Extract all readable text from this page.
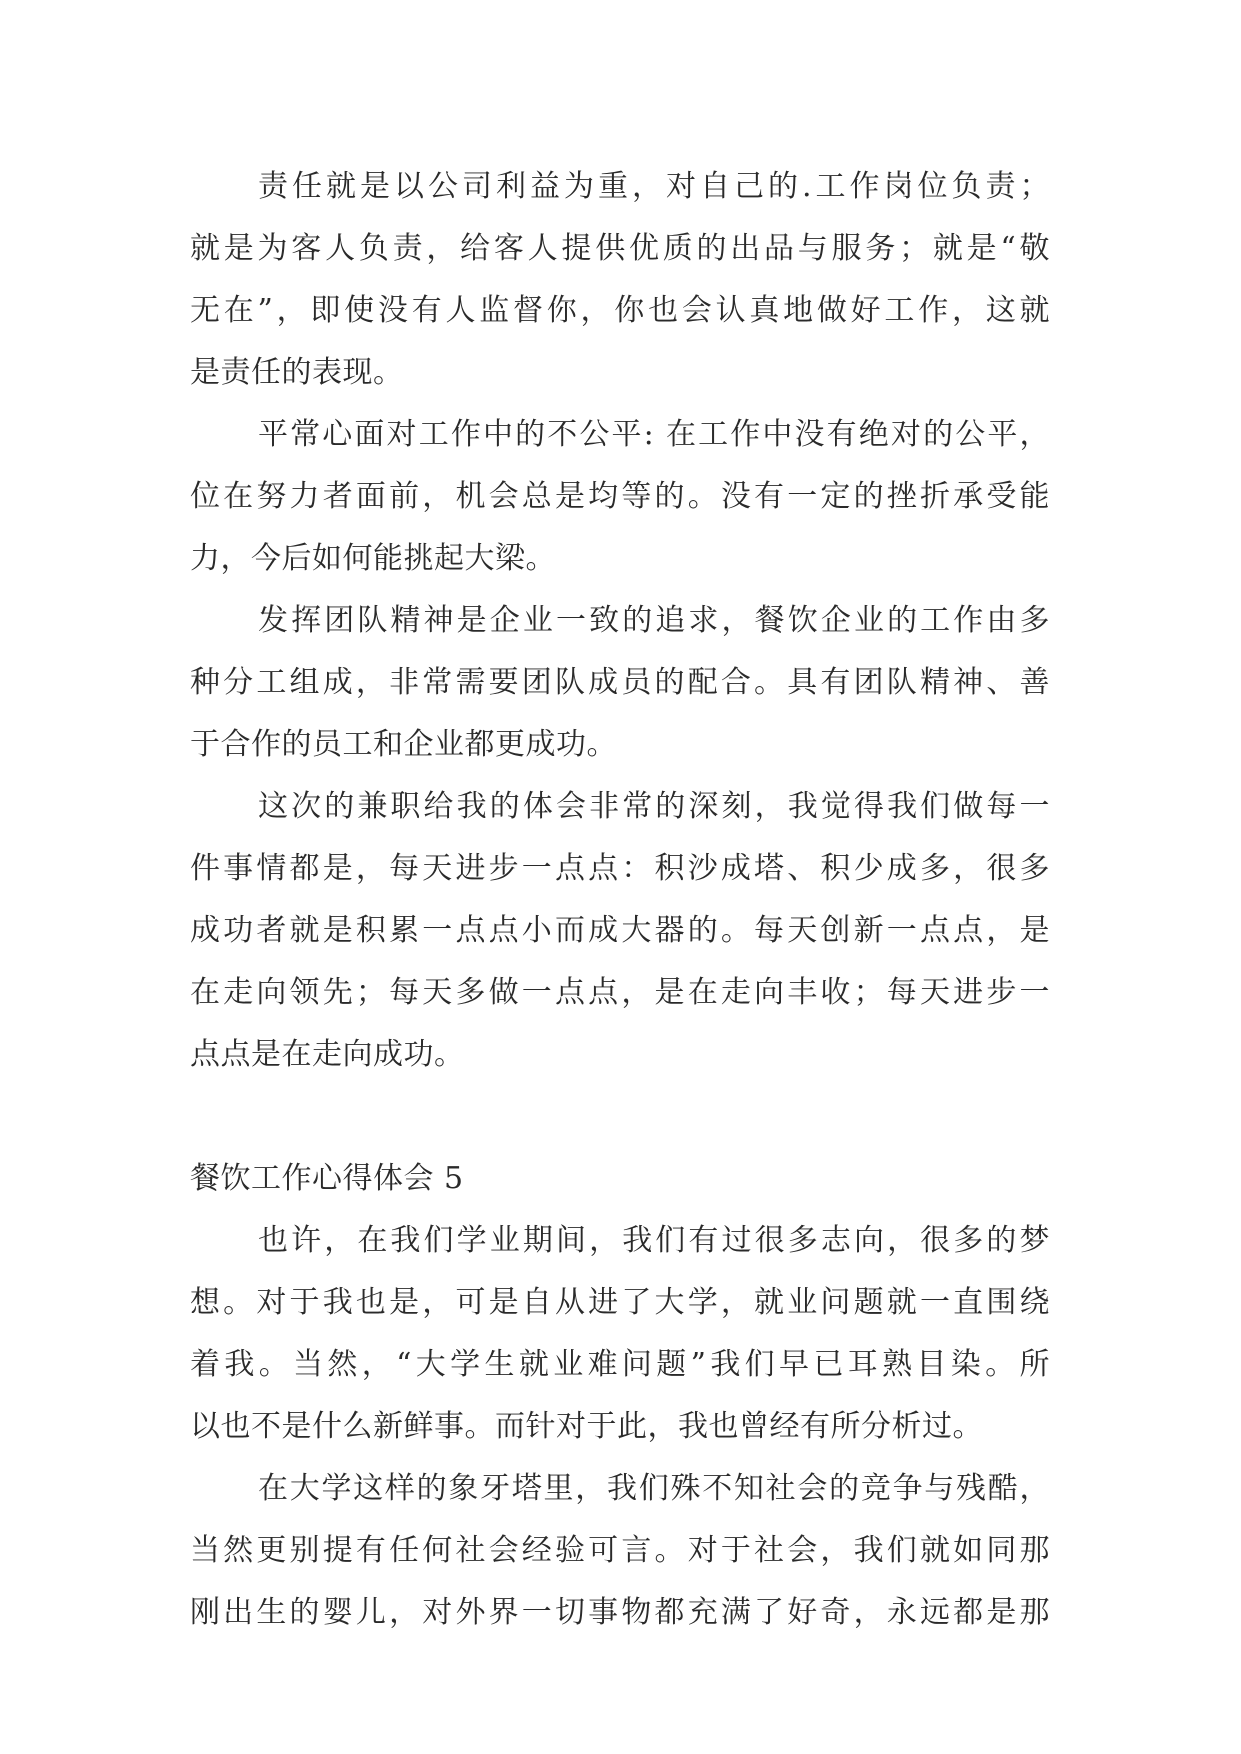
责任就是以公司利益为重，对自己的.工作岗位负责；
就是为客人负责，给客人提供优质的出品与服务；就是“敬
无在”，即使没有人监督你，你也会认真地做好工作，这就
是责任的表现。
平常心面对工作中的不公平: 在工作中没有绝对的公平，
位在努力者面前，机会总是均等的。没有一定的挫折承受能
力，今后如何能挑起大梁。
发挥团队精神是企业一致的追求，餐饮企业的工作由多
种分工组成，非常需要团队成员的配合。具有团队精神、善
于合作的员工和企业都更成功。
这次的兼职给我的体会非常的深刻，我觉得我们做每一
件事情都是，每天进步一点点：积沙成塔、积少成多，很多
成功者就是积累一点点小而成大器的。每天创新一点点，是
在走向领先；每天多做一点点，是在走向丰收；每天进步一
点点是在走向成功。
餐饮工作心得体会 5
也许，在我们学业期间，我们有过很多志向，很多的梦
想。对于我也是，可是自从进了大学，就业问题就一直围绕
着我。当然，“大学生就业难问题”我们早已耳熟目染。所
以也不是什么新鲜事。而针对于此，我也曾经有所分析过。
在大学这样的象牙塔里，我们殊不知社会的竞争与残酷，
当然更别提有任何社会经验可言。对于社会，我们就如同那
刚出生的婴儿，对外界一切事物都充满了好奇，永远都是那
